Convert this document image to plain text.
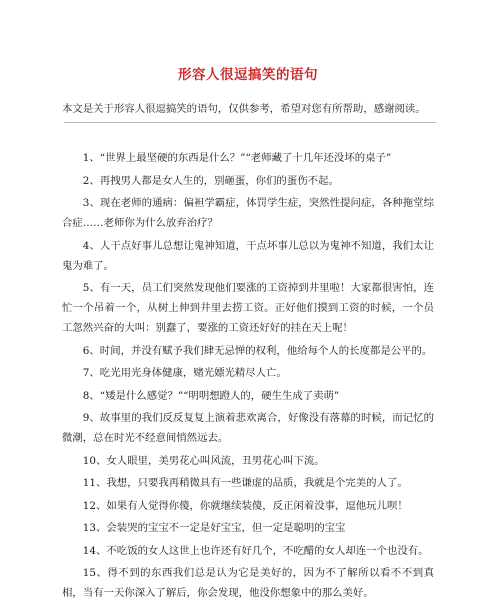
形容人很逗搞笑的语句
本文是关于形容人很逗搞笑的语句，仅供参考，希望对您有所帮助，感谢阅读。

1、“世界上最坚硬的东西是什么？”“老师藏了十几年还没坏的桌子”

2、再拽男人都是女人生的，别砸蛋，你们的蛋伤不起。

3、现在老师的通病：偏袒学霸症，体罚学生症，突然性提问症，各种拖堂综合症……老师你为什么放弃治疗？

4、人干点好事儿总想让鬼神知道，干点坏事儿总以为鬼神不知道，我们太让鬼为难了。

5、有一天，员工们突然发现他们要涨的工资掉到井里啦！大家都很害怕，连忙一个吊着一个，从树上伸到井里去捞工资。正好他们摸到工资的时候，一个员工忽然兴奋的大叫：别蠢了，要涨的工资还好好的挂在天上呢！

6、时间，并没有赋予我们肆无忌惮的权利，他给每个人的长度都是公平的。

7、吃光用光身体健康，赌光嫖光精尽人亡。

8、“矮是什么感觉？”“明明想蹬人的，硬生生成了卖萌”

9、故事里的我们反反复复上演着悲欢离合，好像没有落幕的时候，而记忆的微潮，总在时光不经意间悄然远去。

10、女人眼里，美男花心叫风流，丑男花心叫下流。

11、我想，只要我再稍微具有一些谦虚的品质，我就是个完美的人了。

12、如果有人觉得你傻，你就继续装傻，反正闲着没事，逗他玩儿呗！

13、会装哭的宝宝不一定是好宝宝，但一定是聪明的宝宝

14、不吃饭的女人这世上也许还有好几个，不吃醋的女人却连一个也没有。

15、得不到的东西我们总是认为它是美好的，因为不了解所以看不不到真相，当有一天你深入了解后，你会发现，他没你想象中的那么美好。
